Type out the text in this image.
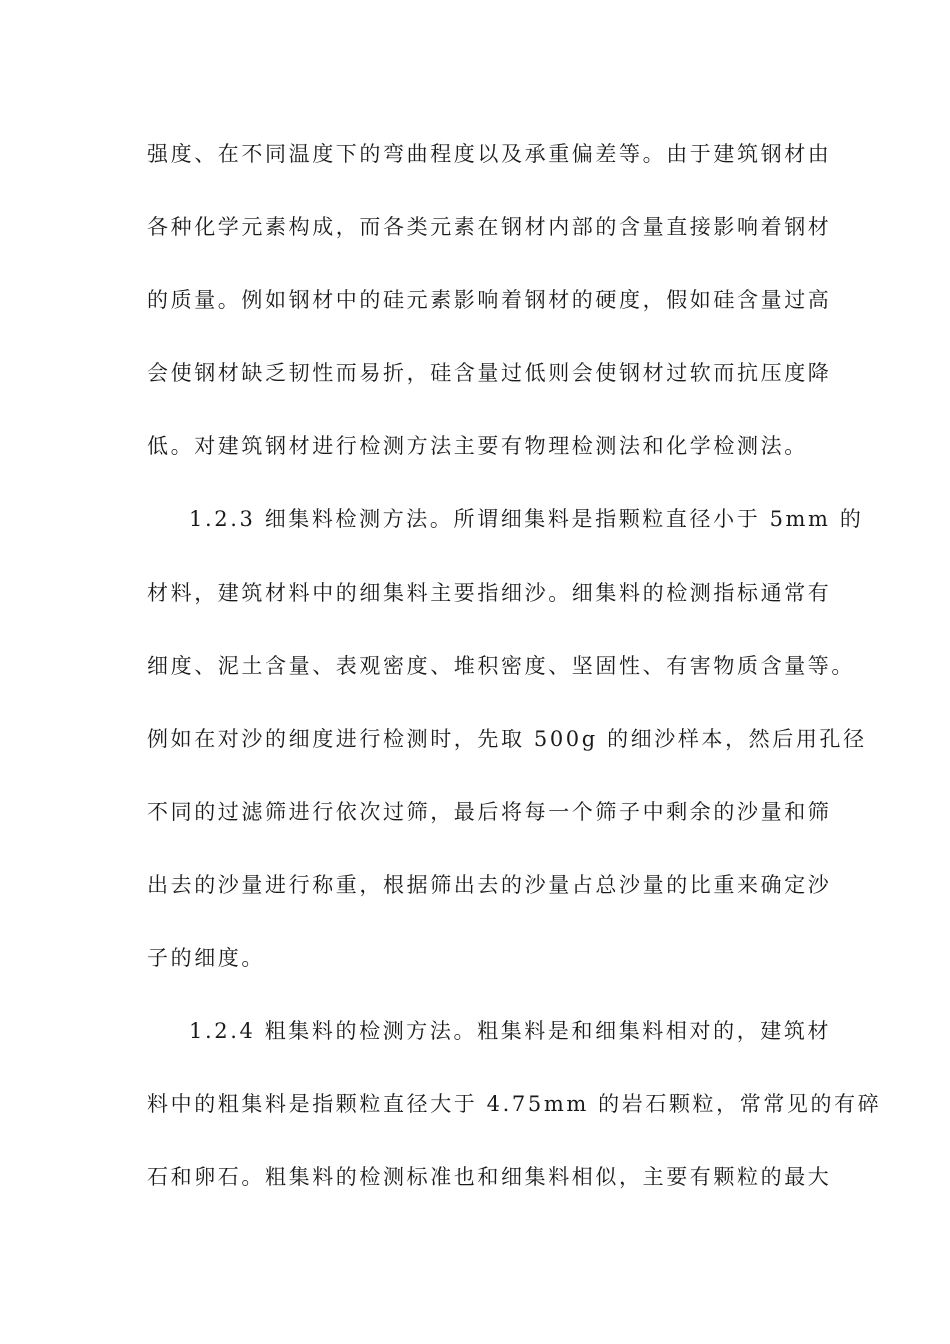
强度、在不同温度下的弯曲程度以及承重偏差等。由于建筑钢材由
各种化学元素构成，而各类元素在钢材内部的含量直接影响着钢材
的质量。例如钢材中的硅元素影响着钢材的硬度，假如硅含量过高
会使钢材缺乏韧性而易折，硅含量过低则会使钢材过软而抗压度降
低。对建筑钢材进行检测方法主要有物理检测法和化学检测法。
1.2.3 细集料检测方法。所谓细集料是指颗粒直径小于 5mm 的
材料，建筑材料中的细集料主要指细沙。细集料的检测指标通常有
细度、泥土含量、表观密度、堆积密度、坚固性、有害物质含量等。
例如在对沙的细度进行检测时，先取 500g 的细沙样本，然后用孔径
不同的过滤筛进行依次过筛，最后将每一个筛子中剩余的沙量和筛
出去的沙量进行称重，根据筛出去的沙量占总沙量的比重来确定沙
子的细度。
1.2.4 粗集料的检测方法。粗集料是和细集料相对的，建筑材
料中的粗集料是指颗粒直径大于 4.75mm 的岩石颗粒，常常见的有碎
石和卵石。粗集料的检测标准也和细集料相似，主要有颗粒的最大
